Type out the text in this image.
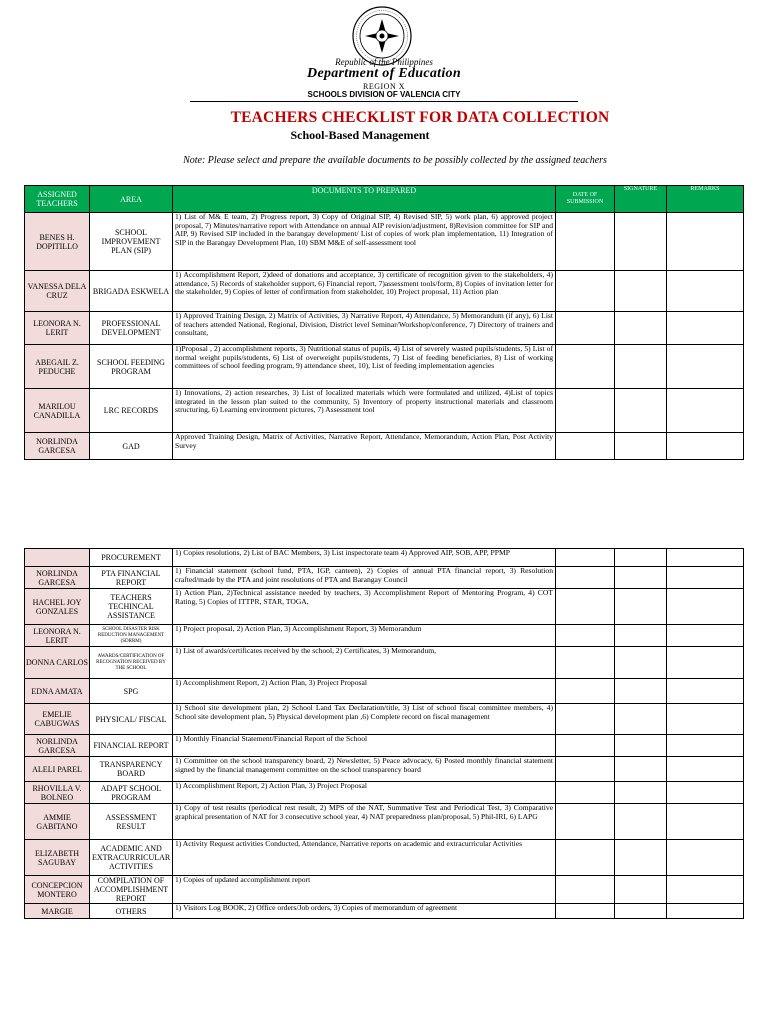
Republic of the Philippines
Department of Education
REGION X
SCHOOLS DIVISION OF VALENCIA CITY
TEACHERS CHECKLIST FOR DATA COLLECTION
School-Based Management
Note: Please select and prepare the available documents to be possibly collected by the assigned teachers
ASSIGNED TEACHERS	AREA	DOCUMENTS TO PREPARED	DATE OF SUBMISSION	SIGNATURE	REMARKS
BENES H. DOPITILLO	SCHOOL IMPROVEMENT PLAN (SIP)	1) List of M& E team, 2) Progress report, 3) Copy of Original SIP, 4) Revised SIP, 5) work plan, 6) approved project proposal, 7) Minutes/narrative report with Attendance on annual AIP revision/adjustment, 8)Revision committee for SIP and AIP, 9) Revised SIP included in the barangay development/ List of copies of work plan implementation, 11) Integration of SIP in the Barangay Development Plan, 10) SBM M&E of self-assessment tool			
VANESSA DELA CRUZ	BRIGADA ESKWELA	1) Accomplishment Report, 2)deed of donations and acceptance, 3) certificate of recognition given to the stakeholders, 4) attendance, 5) Records of stakeholder support, 6) Financial report, 7)assessment tools/form, 8) Copies of invitation letter for the stakeholder, 9) Copies of letter of confirmation from stakeholder, 10) Project proposal, 11) Action plan			
LEONORA N. LERIT	PROFESSIONAL DEVELOPMENT	1) Approved Training Design, 2) Matrix of Activities, 3) Narrative Report, 4) Attendance, 5) Memorandum (if any), 6) List of teachers attended National, Regional, Division, District level Seminar/Workshop/conference, 7) Directory of trainers and consultant,			
ABEGAIL Z. PEDUCHE	SCHOOL FEEDING PROGRAM	1)Proposal , 2) accomplishment reports, 3) Nutritional status of pupils, 4) List of severely wasted pupils/students, 5) List of normal weight pupils/students, 6) List of overweight pupils/students, 7) List of feeding beneficiaries, 8) List of working committees of school feeding program, 9) attendance sheet, 10), List of feeding implementation agencies			
MARILOU CANADILLA	LRC RECORDS	1) Innovations, 2) action researches, 3) List of localized materials which were formulated and utilized, 4)List of topics integrated in the lesson plan suited to the community, 5) Inventory of property instructional materials and classroom structuring, 6) Learning environment pictures, 7) Assessment tool			
NORLINDA GARCESA	GAD	Approved Training Design, Matrix of Activities, Narrative Report, Attendance, Memorandum, Action Plan, Post Activity Survey			
	PROCUREMENT	1) Copies resolutions, 2) List of BAC Members, 3) List inspectorate team 4) Approved AIP, SOB, APP, PPMP			
NORLINDA GARCESA	PTA FINANCIAL REPORT	1) Financial statement (school fund, PTA, IGP, canteen), 2) Copies of annual PTA financial report, 3) Resolution crafted/made by the PTA and joint resolutions of PTA and Barangay Council			
HACHEL JOY GONZALES	TEACHERS TECHINCAL ASSISTANCE	1) Action Plan, 2)Technical assistance needed by teachers, 3) Accomplishment Report of Mentoring Program, 4) COT Rating, 5) Copies of ITTPR, STAR, TOGA,			
LEONORA N. LERIT	SCHOOL DISASTER RISK REDUCTION MANAGEMENT (SDRRM)	1) Project proposal, 2) Action Plan, 3) Accomplishment Report, 3) Memorandum			
DONNA CARLOS	AWARDS/CERTIFICATION OF RECOGNATION RECEIVED BY THE SCHOOL	1) List of awards/certificates received by the school, 2) Certificates, 3) Memorandum,			
EDNA AMATA	SPG	1) Accomplishment Report, 2) Action Plan, 3) Project Proposal			
EMELIE CABUGWAS	PHYSICAL/ FISCAL	1) School site development plan, 2) School Land Tax Declaration/title, 3) List of school fiscal committee members, 4) School site development plan, 5) Physical development plan ,6) Complete record on fiscal management			
NORLINDA GARCESA	FINANCIAL REPORT	1) Monthly Financial Statement/Financial Report of the School			
ALELI PAREL	TRANSPARENCY BOARD	1) Committee on the school transparency board, 2) Newsletter, 5) Peace advocacy, 6) Posted monthly financial statement signed by the financial management committee on the school transparency board			
RHOVILLA V. BOLNEO	ADAPT SCHOOL PROGRAM	1) Accomplishment Report, 2) Action Plan, 3) Project Proposal			
AMMIE GABITANO	ASSESSMENT RESULT	1) Copy of test results (periodical rest result, 2) MPS of the NAT, Summative Test and Periodical Test, 3) Comparative graphical presentation of NAT for 3 consecutive school year, 4) NAT preparedness plan/proposal, 5) Phil-IRI, 6) LAPG			
ELIZABETH SAGUBAY	ACADEMIC AND EXTRACURRICULAR ACTIVITIES	1) Activity Request activities Conducted, Attendance, Narrative reports on academic and extracurricular Activities			
CONCEPCION MONTERO	COMPILATION OF ACCOMPLISHMENT REPORT	1) Copies of updated accomplishment report			
MARGIE	OTHERS	1) Visitors Log BOOK, 2) Office orders/Job orders, 3) Copies of memorandum of agreement			
